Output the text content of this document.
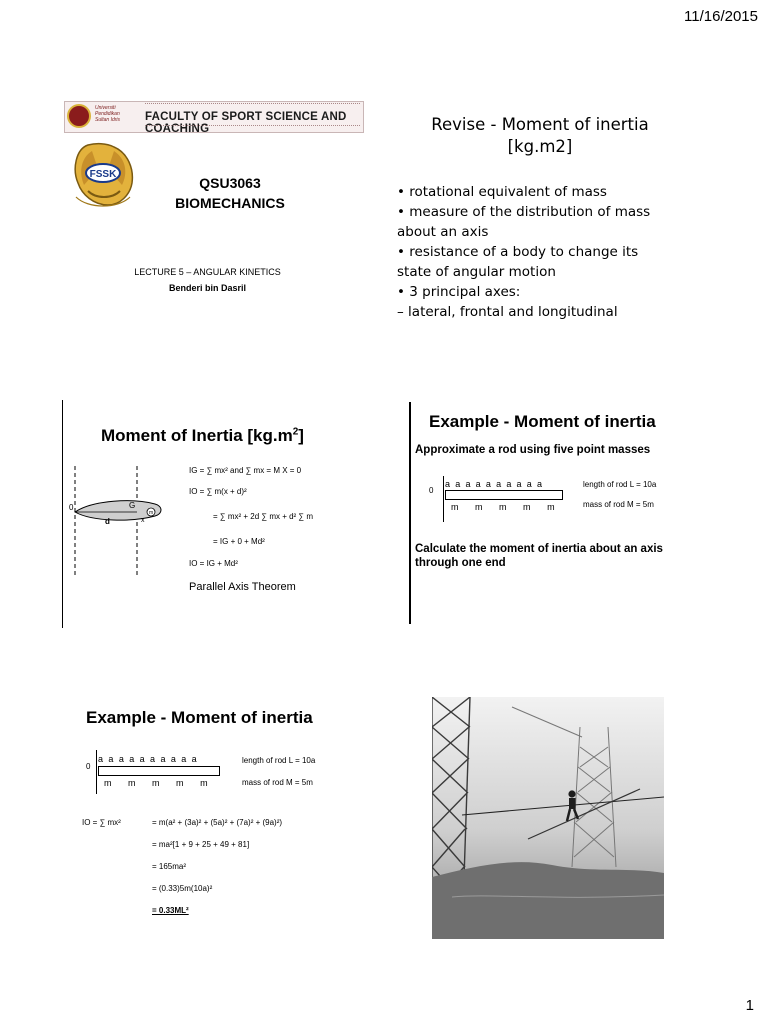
11/16/2015
Universiti Pendidikan Sultan Idris	FACULTY OF SPORT SCIENCE AND COACHING
FSSK
QSU3063
BIOMECHANICS
LECTURE 5 – ANGULAR KINETICS
Benderi bin Dasril
Revise - Moment of inertia
[kg.m2]
• rotational equivalent of mass
• measure of the distribution of mass
about an axis
• resistance of a body to change its
state of angular motion
• 3 principal axes:
– lateral, frontal and longitudinal
Moment of Inertia $[kg.m^2]$
0	G
d	x
m
IG = ∑ mx² and ∑ mx = M X = 0
IO = ∑ m(x + d)²
= ∑ mx² + 2d ∑ mx + d² ∑ m
= IG + 0 + Md²
IO = IG + Md²
Parallel Axis Theorem
Example - Moment of inertia
Approximate a rod using five point masses
0
aaaaaaaaaa
m m m m m
length of rod L = 10a
mass of rod M = 5m
Calculate the moment of inertia about an axis through one end
Example - Moment of inertia
0
aaaaaaaaaa
m m m m m
length of rod L = 10a
mass of rod M = 5m
IO = ∑ mx²	= m(a² + (3a)² + (5a)² + (7a)² + (9a)²)
= ma²[1 + 9 + 25 + 49 + 81]
= 165ma²
= (0.33)5m(10a)²
= 0.33ML²
1
